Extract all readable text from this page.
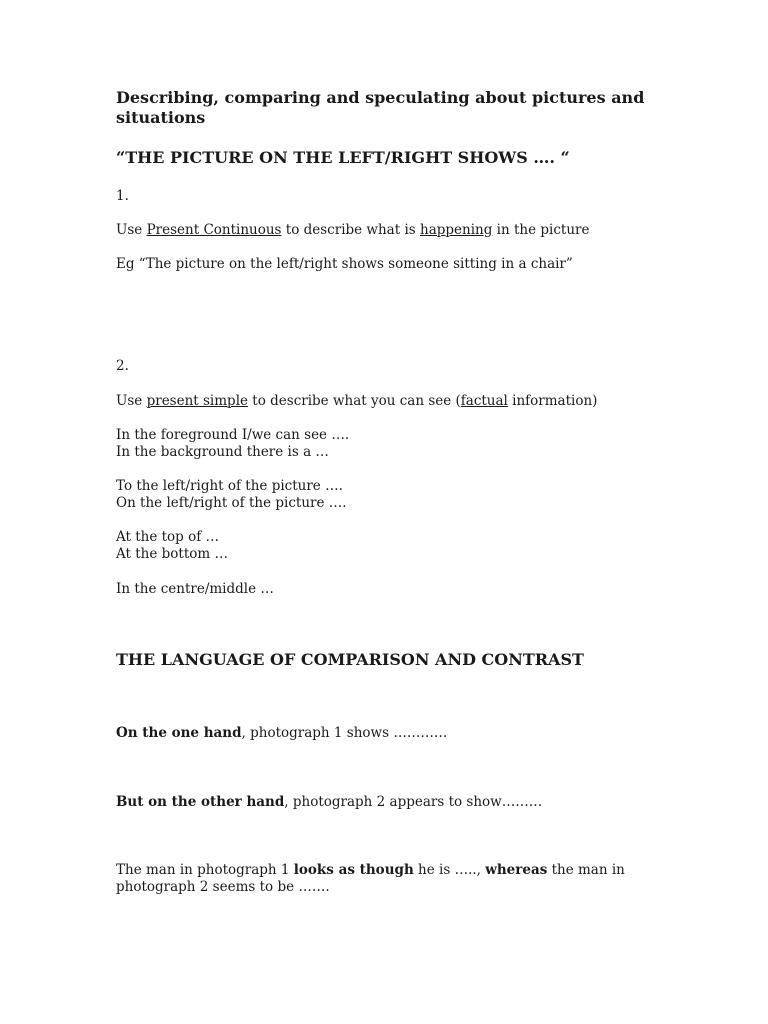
Describing, comparing and speculating about pictures and
situations
“THE PICTURE ON THE LEFT/RIGHT SHOWS …. “
1.
Use Present Continuous to describe what is happening in the picture
Eg “The picture on the left/right shows someone sitting in a chair”
2.
Use present simple to describe what you can see (factual information)
In the foreground I/we can see ….
In the background there is a …
To the left/right of the picture ….
On the left/right of the picture ….
At the top of …
At the bottom …
In the centre/middle …
THE LANGUAGE OF COMPARISON AND CONTRAST
On the one hand, photograph 1 shows …………
But on the other hand, photograph 2 appears to show………
The man in photograph 1 looks as though he is ….., whereas the man in
photograph 2 seems to be …….
